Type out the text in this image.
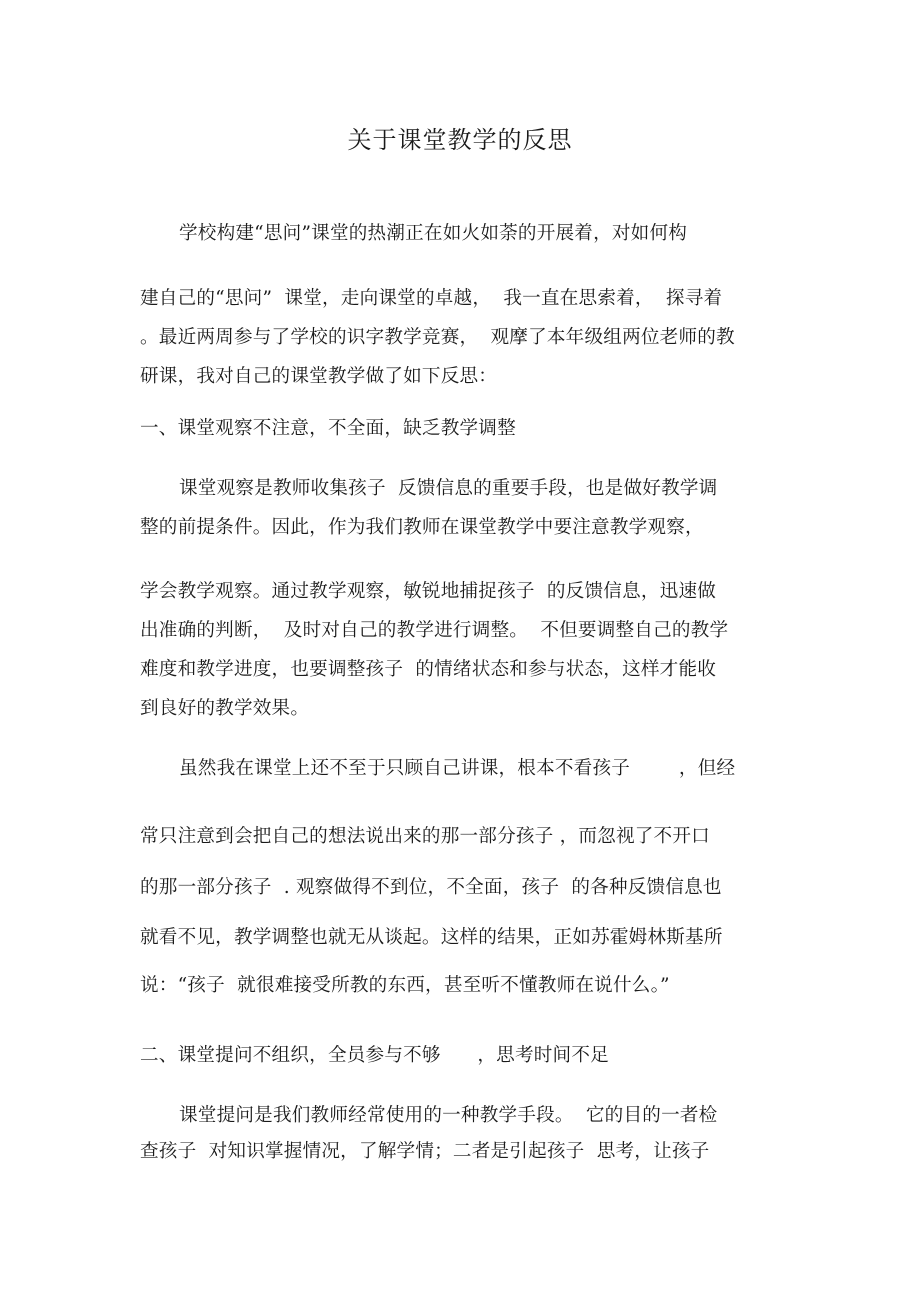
关于课堂教学的反思
学校构建“思问”课堂的热潮正在如火如荼的开展着，对如何构
建自己的“思问”  课堂，走向课堂的卓越，  我一直在思索着，  探寻着
。最近两周参与了学校的识字教学竞赛，  观摩了本年级组两位老师的教
研课，我对自己的课堂教学做了如下反思：
一、课堂观察不注意，不全面，缺乏教学调整
课堂观察是教师收集孩子  反馈信息的重要手段，也是做好教学调
整的前提条件。因此，作为我们教师在课堂教学中要注意教学观察，
学会教学观察。通过教学观察，敏锐地捕捉孩子  的反馈信息，迅速做
出准确的判断，  及时对自己的教学进行调整。  不但要调整自己的教学
难度和教学进度，也要调整孩子  的情绪状态和参与状态，这样才能收
到良好的教学效果。
虽然我在课堂上还不至于只顾自己讲课，根本不看孩子        ，但经
常只注意到会把自己的想法说出来的那一部分孩子 ，而忽视了不开口
的那一部分孩子  . 观察做得不到位，不全面，孩子  的各种反馈信息也
就看不见，教学调整也就无从谈起。这样的结果，正如苏霍姆林斯基所
说：“孩子  就很难接受所教的东西，甚至听不懂教师在说什么。”
二、课堂提问不组织，全员参与不够      ，思考时间不足
课堂提问是我们教师经常使用的一种教学手段。  它的目的一者检
查孩子  对知识掌握情况，了解学情；二者是引起孩子  思考，让孩子
